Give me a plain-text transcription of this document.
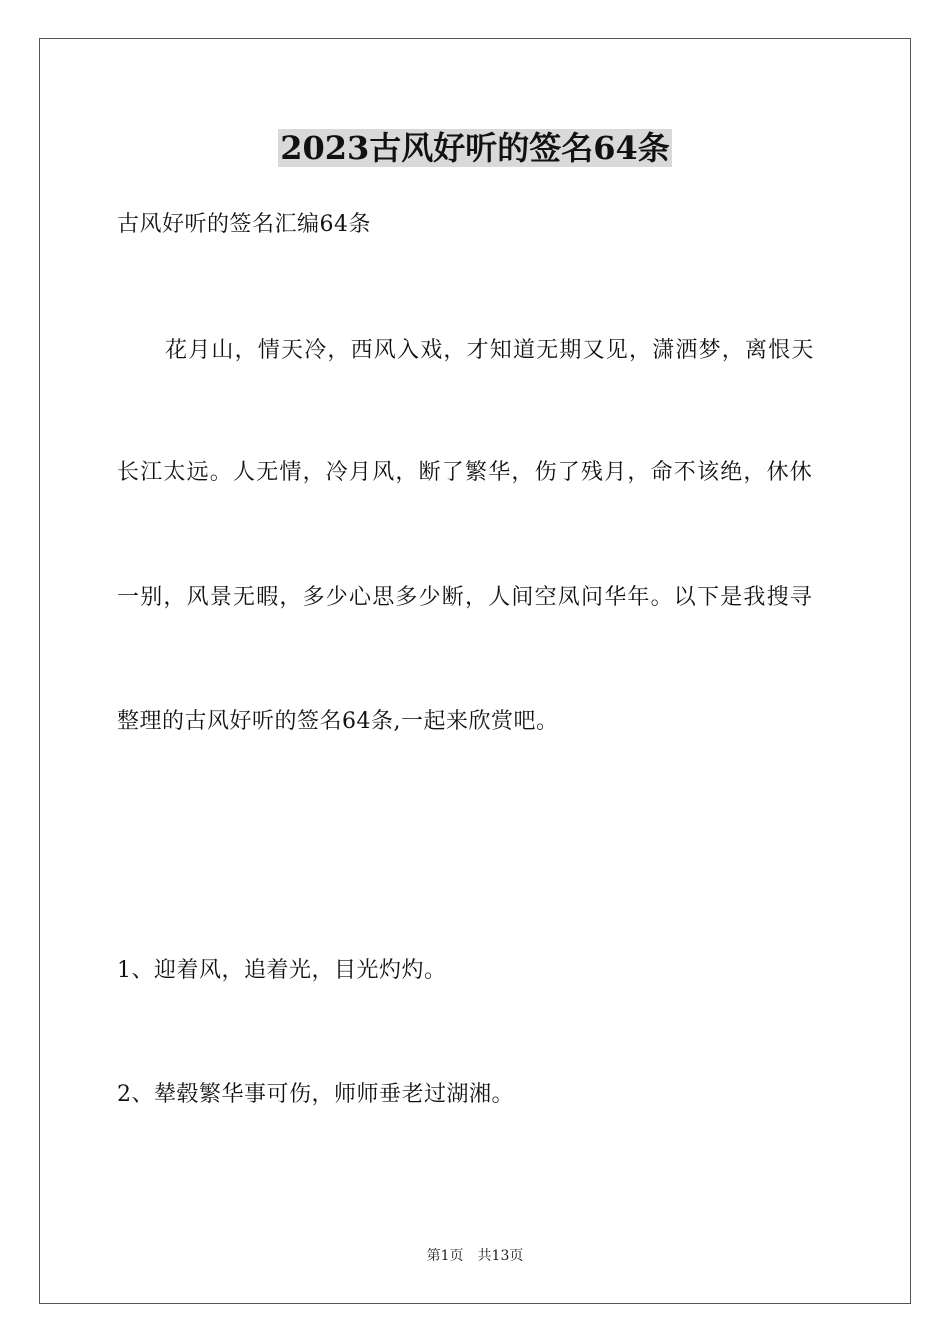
2023古风好听的签名64条
古风好听的签名汇编64条
花月山，情天冷，西风入戏，才知道无期又见，潇洒梦，离恨天
长江太远。人无情，冷月风，断了繁华，伤了残月，命不该绝，休休
一别，风景无暇，多少心思多少断，人间空凤问华年。以下是我搜寻
整理的古风好听的签名64条,一起来欣赏吧。
1、迎着风，追着光，目光灼灼。
2、辇毂繁华事可伤，师师垂老过湖湘。
第1页 共13页
